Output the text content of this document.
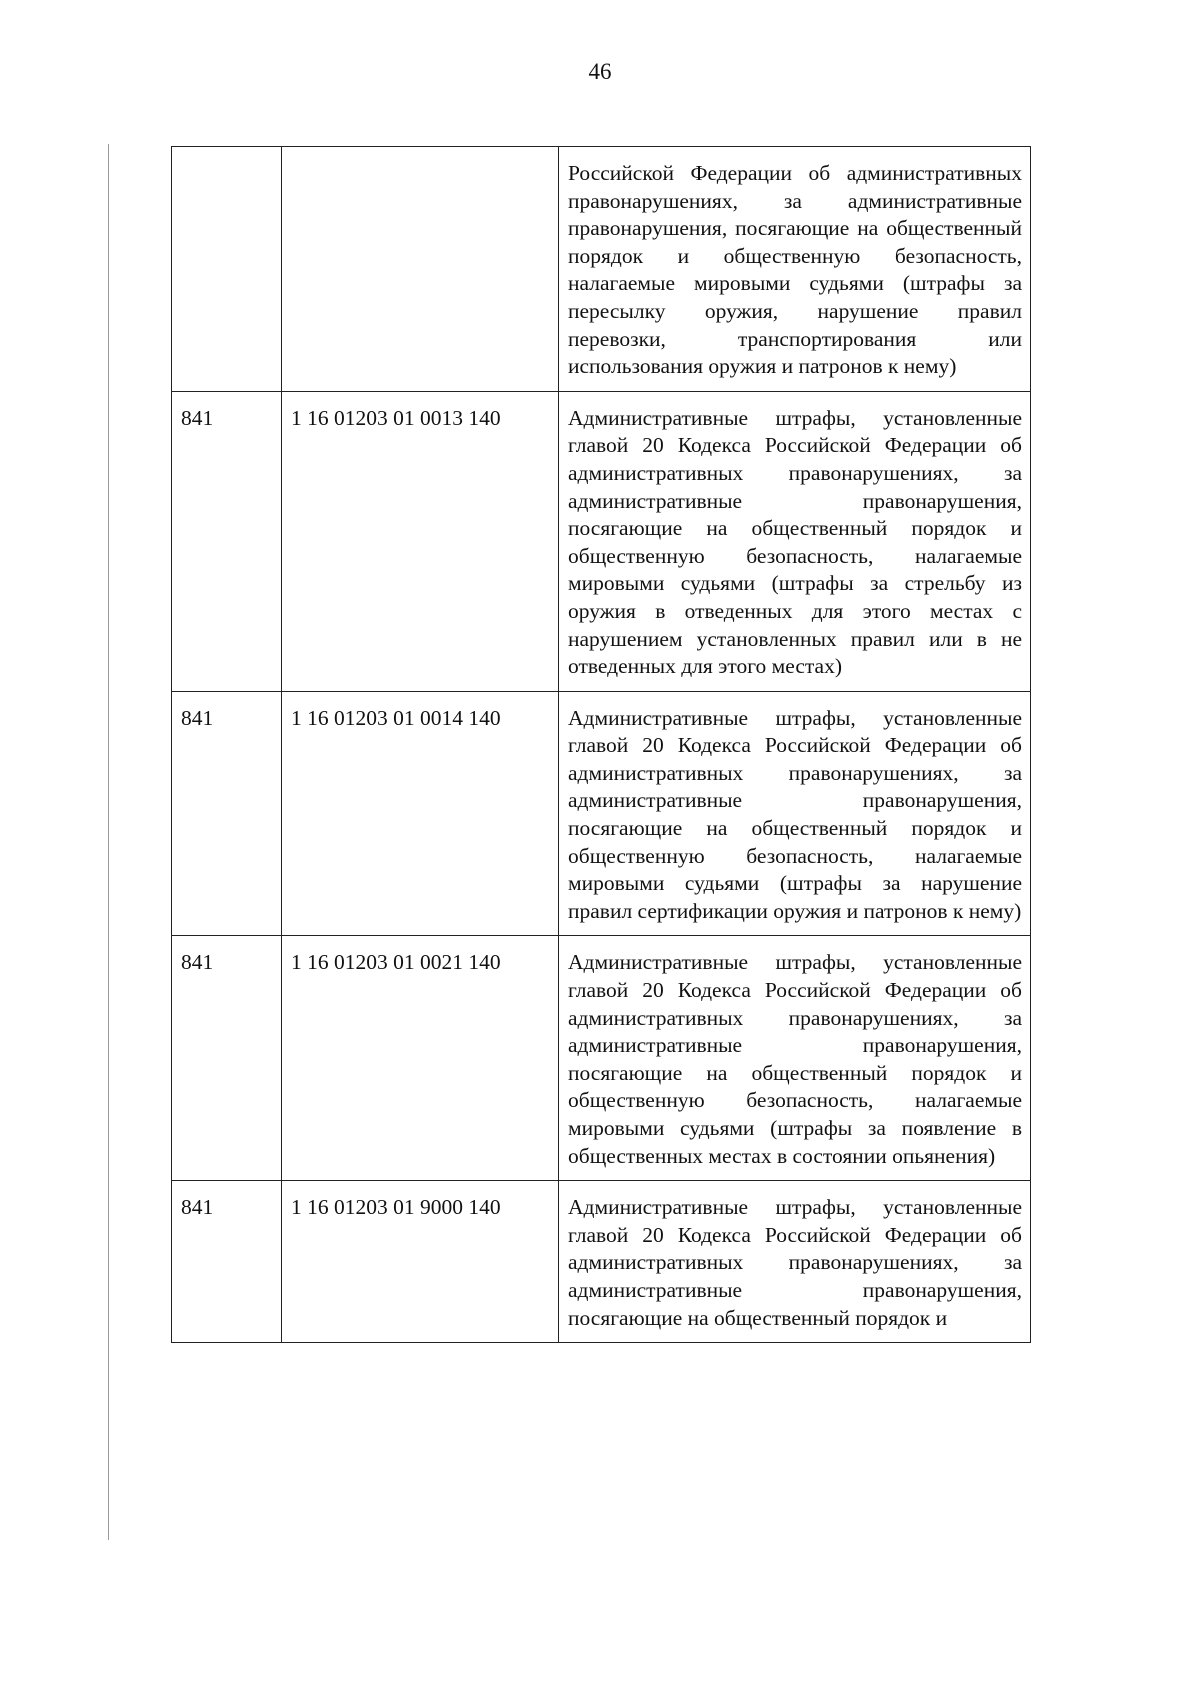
46

		Российской Федерации об административных правонарушениях, за административные правонарушения, посягающие на общественный порядок и общественную безопасность, налагаемые мировыми судьями (штрафы за пересылку оружия, нарушение правил перевозки, транспортирования или использования оружия и патронов к нему)

841	1 16 01203 01 0013 140	Административные штрафы, установленные главой 20 Кодекса Российской Федерации об административных правонарушениях, за административные правонарушения, посягающие на общественный порядок и общественную безопасность, налагаемые мировыми судьями (штрафы за стрельбу из оружия в отведенных для этого местах с нарушением установленных правил или в не отведенных для этого местах)

841	1 16 01203 01 0014 140	Административные штрафы, установленные главой 20 Кодекса Российской Федерации об административных правонарушениях, за административные правонарушения, посягающие на общественный порядок и общественную безопасность, налагаемые мировыми судьями (штрафы за нарушение правил сертификации оружия и патронов к нему)

841	1 16 01203 01 0021 140	Административные штрафы, установленные главой 20 Кодекса Российской Федерации об административных правонарушениях, за административные правонарушения, посягающие на общественный порядок и общественную безопасность, налагаемые мировыми судьями (штрафы за появление в общественных местах в состоянии опьянения)

841	1 16 01203 01 9000 140	Административные штрафы, установленные главой 20 Кодекса Российской Федерации об административных правонарушениях, за административные правонарушения, посягающие на общественный порядок и
